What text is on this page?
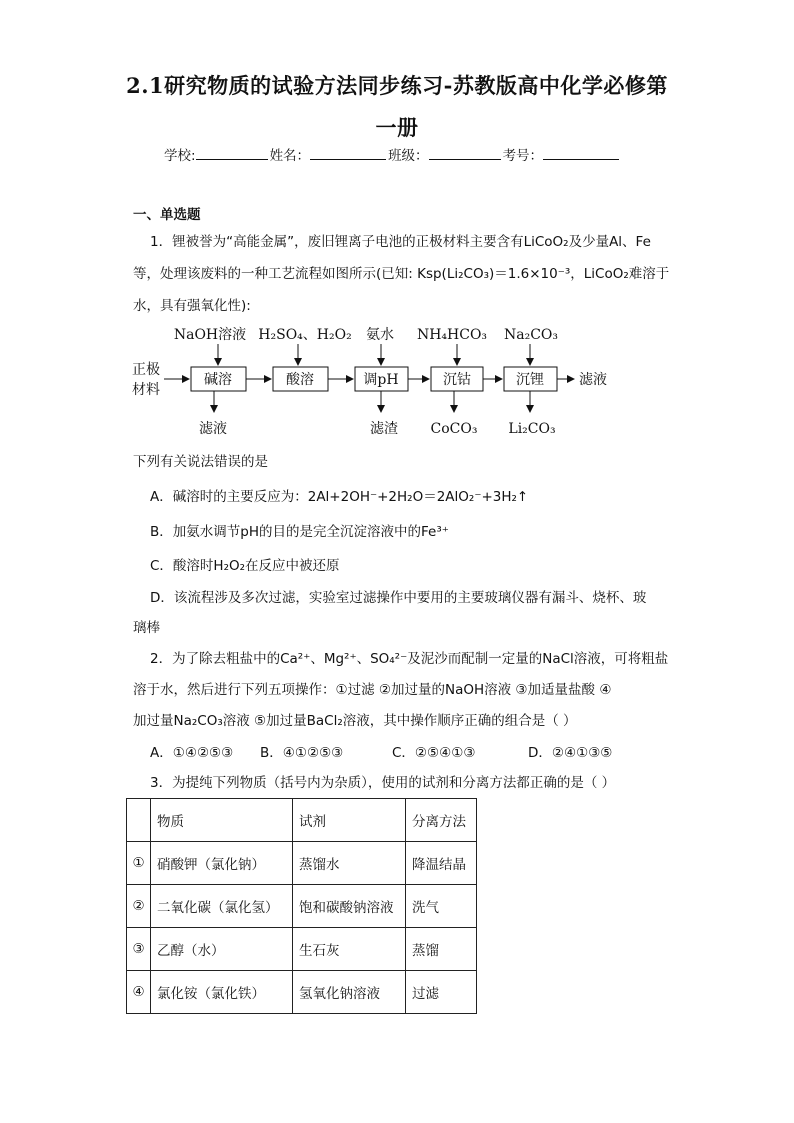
2.1研究物质的试验方法同步练习-苏教版高中化学必修第
一册
学校:	姓名：	班级：	考号：
一、单选题
1．锂被誉为“高能金属”，废旧锂离子电池的正极材料主要含有LiCoO₂及少量Al、Fe
等，处理该废料的一种工艺流程如图所示(已知: Ksp(Li₂CO₃)＝1.6×10⁻³，LiCoO₂难溶于
水，具有强氧化性):
正极
材料
碱溶	酸溶	调pH	沉钴	沉锂	滤液
NaOH溶液 H₂SO₄、H₂O₂ 氨水 NH₄HCO₃ Na₂CO₃
滤液	滤渣 CoCO₃ Li₂CO₃
下列有关说法错误的是
A．碱溶时的主要反应为：2Al+2OH⁻+2H₂O＝2AlO₂⁻+3H₂↑
B．加氨水调节pH的目的是完全沉淀溶液中的Fe³⁺
C．酸溶时H₂O₂在反应中被还原
D．该流程涉及多次过滤，实验室过滤操作中要用的主要玻璃仪器有漏斗、烧杯、玻
璃棒
2．为了除去粗盐中的Ca²⁺、Mg²⁺、SO₄²⁻及泥沙而配制一定量的NaCl溶液，可将粗盐
溶于水，然后进行下列五项操作：①过滤 ②加过量的NaOH溶液 ③加适量盐酸 ④
加过量Na₂CO₃溶液 ⑤加过量BaCl₂溶液，其中操作顺序正确的组合是（ ）
A．①④②⑤③	B．④①②⑤③	C．②⑤④①③	D．②④①③⑤
3．为提纯下列物质（括号内为杂质），使用的试剂和分离方法都正确的是（ ）
	物质	试剂	分离方法
①	硝酸钾（氯化钠）	蒸馏水	降温结晶
②	二氧化碳（氯化氢）	饱和碳酸钠溶液	洗气
③	乙醇（水）	生石灰	蒸馏
④	氯化铵（氯化铁）	氢氧化钠溶液	过滤
